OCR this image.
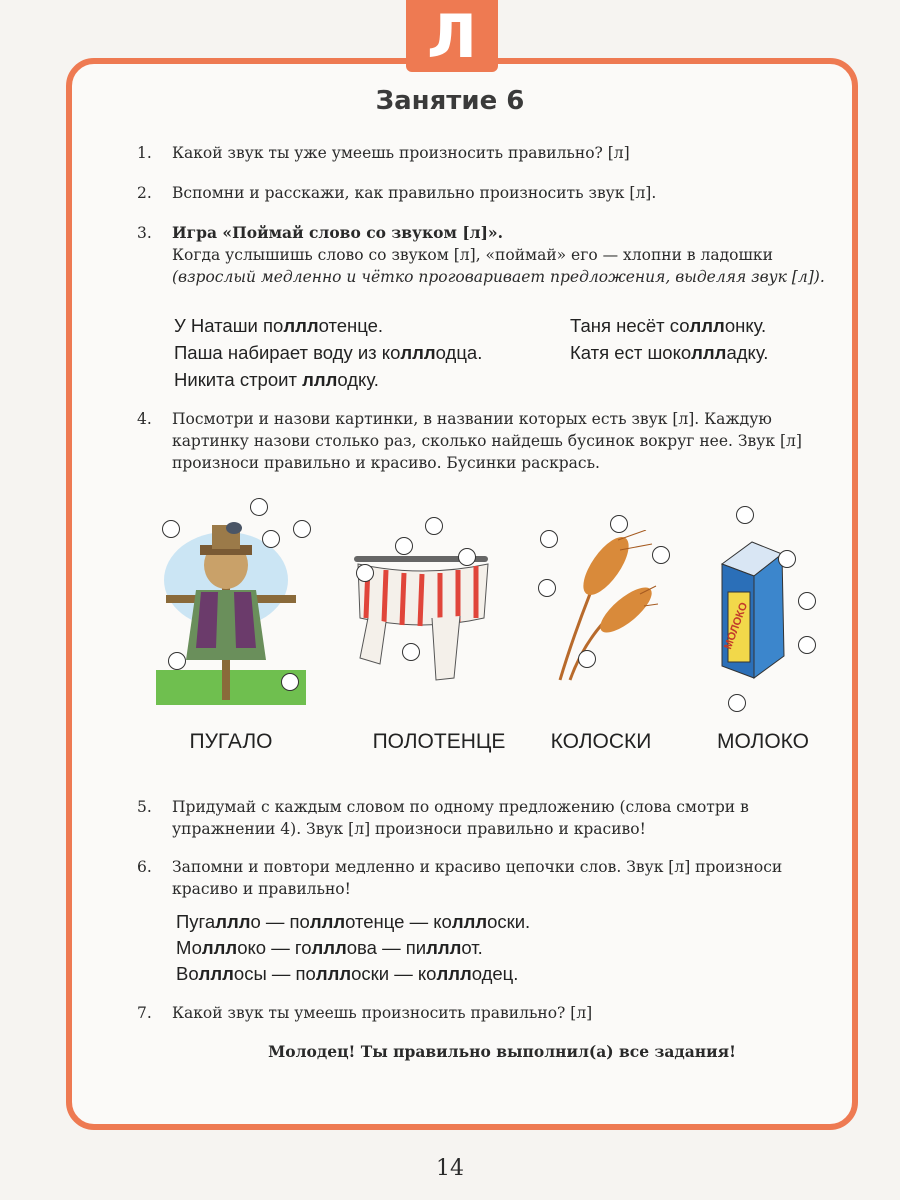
Л
Занятие 6
1.	Какой звук ты уже умеешь произносить правильно? [л]
2.	Вспомни и расскажи, как правильно произносить звук [л].
3.	Игра «Поймай слово со звуком [л]».
Когда услышишь слово со звуком [л], «поймай» его — хлопни в ладошки (взрослый медленно и чётко проговаривает предложения, выделяя звук [л]).
У Наташи полллотенце.
Паша набирает воду из колллодца.
Никита строит лллодку.
Таня несёт солллонку.
Катя ест шоколлладку.
4.	Посмотри и назови картинки, в названии которых есть звук [л]. Каждую картинку назови столько раз, сколько найдешь бусинок вокруг нее. Звук [л] произноси правильно и красиво. Бусинки раскрась.
ПУГАЛО	ПОЛОТЕНЦЕ	КОЛОСКИ
МОЛОКО
МОЛОКО
5.	Придумай с каждым словом по одному предложению (слова смотри в упражнении 4). Звук [л] произноси правильно и красиво!
6.	Запомни и повтори медленно и красиво цепочки слов. Звук [л] произноси красиво и правильно!
Пугаллло — полллотенце — колллоски.
Молллоко — голллова — пилллот.
Волллосы — полллоски — колллодец.
7.	Какой звук ты умеешь произносить правильно? [л]
Молодец! Ты правильно выполнил(а) все задания!
14
